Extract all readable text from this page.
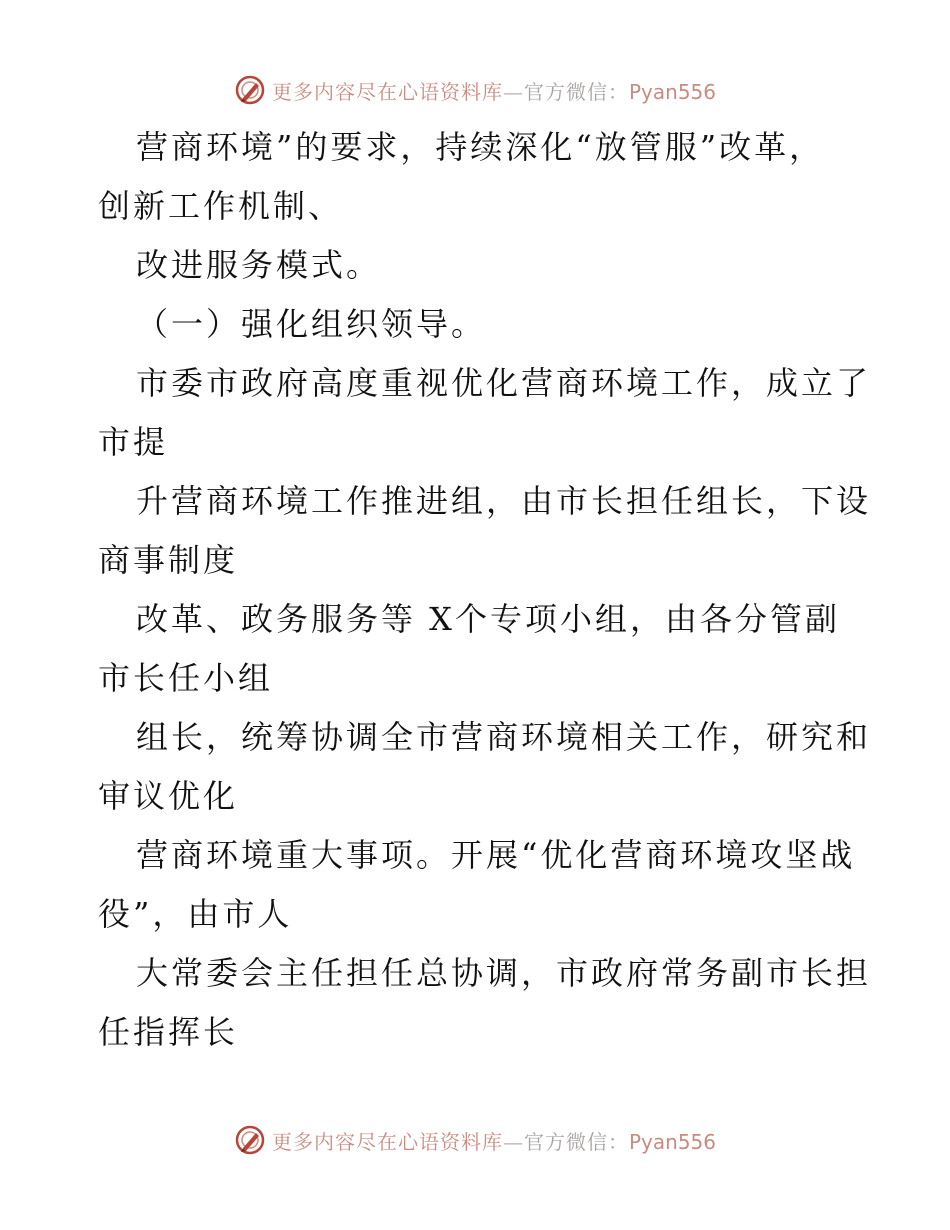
更多内容尽在心语资料库—官方微信：Pyan556
营商环境”的要求，持续深化“放管服”改革，
创新工作机制、
改进服务模式。
（一）强化组织领导。
市委市政府高度重视优化营商环境工作，成立了
市提
升营商环境工作推进组，由市长担任组长，下设
商事制度
改革、政务服务等 X个专项小组，由各分管副
市长任小组
组长，统筹协调全市营商环境相关工作，研究和
审议优化
营商环境重大事项。开展“优化营商环境攻坚战
役”，由市人
大常委会主任担任总协调，市政府常务副市长担
任指挥长
更多内容尽在心语资料库—官方微信：Pyan556
